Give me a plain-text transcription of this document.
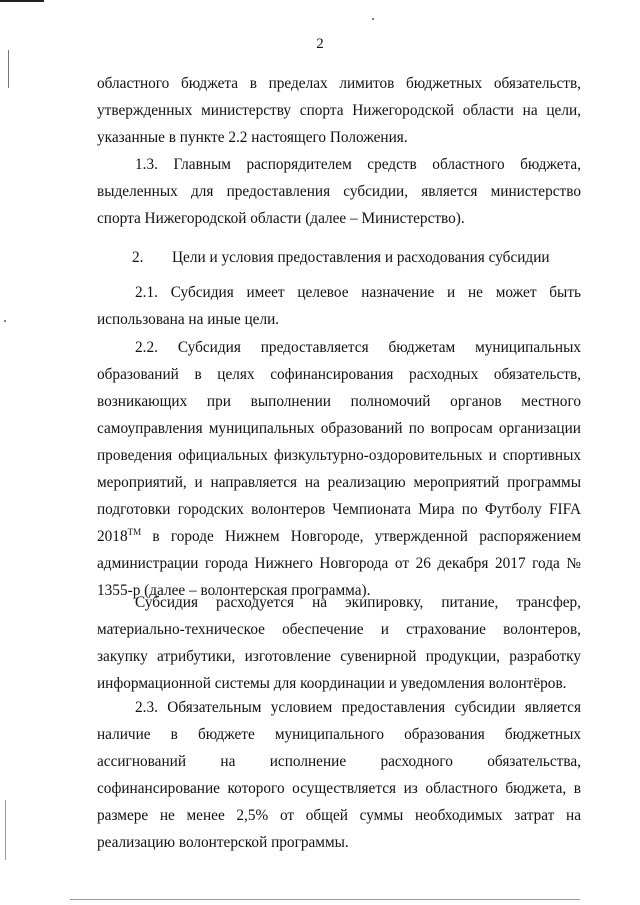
2

областного бюджета в пределах лимитов бюджетных обязательств, утвержденных министерству спорта Нижегородской области на цели, указанные в пункте 2.2 настоящего Положения.

1.3. Главным распорядителем средств областного бюджета, выделенных для предоставления субсидии, является министерство спорта Нижегородской области (далее – Министерство).

2. Цели и условия предоставления и расходования субсидии

2.1. Субсидия имеет целевое назначение и не может быть использована на иные цели.

2.2. Субсидия предоставляется бюджетам муниципальных образований в целях софинансирования расходных обязательств, возникающих при выполнении полномочий органов местного самоуправления муниципальных образований по вопросам организации проведения официальных физкультурно-оздоровительных и спортивных мероприятий, и направляется на реализацию мероприятий программы подготовки городских волонтеров Чемпионата Мира по Футболу FIFA 2018™ в городе Нижнем Новгороде, утвержденной распоряжением администрации города Нижнего Новгорода от 26 декабря 2017 года № 1355-р (далее – волонтерская программа).

Субсидия расходуется на экипировку, питание, трансфер, материально-техническое обеспечение и страхование волонтеров, закупку атрибутики, изготовление сувенирной продукции, разработку информационной системы для координации и уведомления волонтёров.

2.3. Обязательным условием предоставления субсидии является наличие в бюджете муниципального образования бюджетных ассигнований на исполнение расходного обязательства, софинансирование которого осуществляется из областного бюджета, в размере не менее 2,5% от общей суммы необходимых затрат на реализацию волонтерской программы.
